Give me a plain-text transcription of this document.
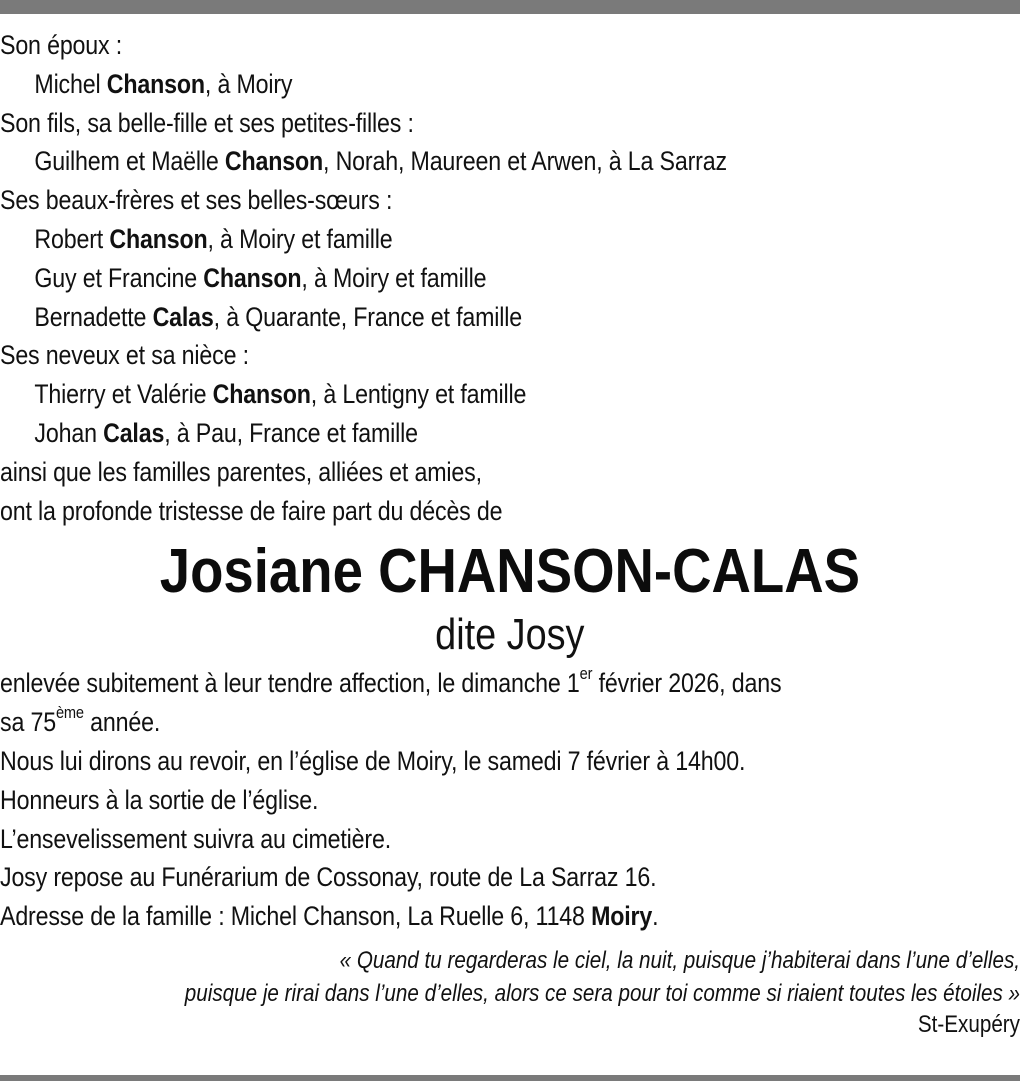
Son époux :
Michel Chanson, à Moiry
Son fils, sa belle-fille et ses petites-filles :
Guilhem et Maëlle Chanson, Norah, Maureen et Arwen, à La Sarraz
Ses beaux-frères et ses belles-sœurs :
Robert Chanson, à Moiry et famille
Guy et Francine Chanson, à Moiry et famille
Bernadette Calas, à Quarante, France et famille
Ses neveux et sa nièce :
Thierry et Valérie Chanson, à Lentigny et famille
Johan Calas, à Pau, France et famille
ainsi que les familles parentes, alliées et amies,
ont la profonde tristesse de faire part du décès de
Josiane CHANSON-CALAS
dite Josy
enlevée subitement à leur tendre affection, le dimanche 1er février 2026, dans
sa 75ème année.
Nous lui dirons au revoir, en l’église de Moiry, le samedi 7 février à 14h00.
Honneurs à la sortie de l’église.
L’ensevelissement suivra au cimetière.
Josy repose au Funérarium de Cossonay, route de La Sarraz 16.
Adresse de la famille : Michel Chanson, La Ruelle 6, 1148 Moiry.
« Quand tu regarderas le ciel, la nuit, puisque j’habiterai dans l’une d’elles,
puisque je rirai dans l’une d’elles, alors ce sera pour toi comme si riaient toutes les étoiles »
St-Exupéry
